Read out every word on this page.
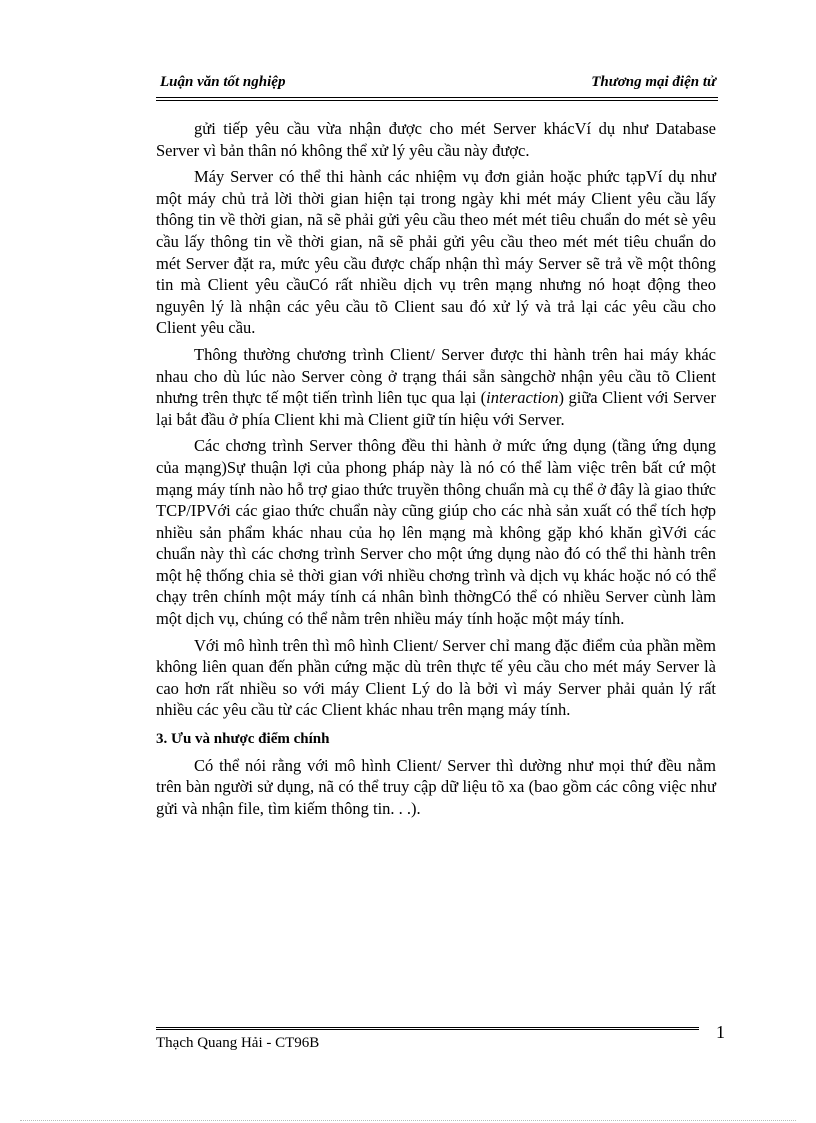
Luận văn tốt nghiệp	Thương mại điện tử

gửi tiếp yêu cầu vừa nhận được cho mét Server khácVí dụ như Database Server vì bản thân nó không thể xử lý yêu cầu này được.

Máy Server có thể thi hành các nhiệm vụ đơn giản hoặc phức tạpVí dụ như một máy chủ trả lời thời gian hiện tại trong ngày khi mét máy Client yêu cầu lấy thông tin về thời gian, nã sẽ phải gửi yêu cầu theo mét mét tiêu chuẩn do mét sè yêu cầu lấy thông tin về thời gian, nã sẽ phải gửi yêu cầu theo mét mét tiêu chuẩn do mét Server đặt ra, mức yêu cầu được chấp nhận thì máy Server sẽ trả về một thông tin mà Client yêu cầuCó rất nhiều dịch vụ trên mạng nhưng nó hoạt động theo nguyên lý là nhận các yêu cầu tõ Client sau đó xử lý và trả lại các yêu cầu cho Client yêu cầu.

Thông thường chương trình Client/ Server được thi hành trên hai máy khác nhau cho dù lúc nào Server còng ở trạng thái sẵn sàngchờ nhận yêu cầu tõ Client nhưng trên thực tế một tiến trình liên tục qua lại (interaction) giữa Client với Server lại bắt đầu ở phía Client khi mà Client giữ tín hiệu với Server.

Các chơng trình Server thông đều thi hành ở mức ứng dụng (tầng ứng dụng của mạng)Sự thuận lợi của phong pháp này là nó có thể làm việc trên bất cứ một mạng máy tính nào hỗ trợ giao thức truyền thông chuẩn mà cụ thể ở đây là giao thức TCP/IPVới các giao thức chuẩn này cũng giúp cho các nhà sản xuất có thể tích hợp nhiều sản phẩm khác nhau của họ lên mạng mà không gặp khó khăn gìVới các chuẩn này thì các chơng trình Server cho một ứng dụng nào đó có thể thi hành trên một hệ thống chia sẻ thời gian với nhiều chơng trình và dịch vụ khác hoặc nó có thể chạy trên chính một máy tính cá nhân bình thờngCó thể có nhiều Server cùnh làm một dịch vụ, chúng có thể nằm trên nhiều máy tính hoặc một máy tính.

Với mô hình trên thì mô hình Client/ Server chỉ mang đặc điểm của phần mềm không liên quan đến phần cứng mặc dù trên thực tế yêu cầu cho mét máy Server là cao hơn rất nhiều so với máy Client Lý do là bởi vì máy Server phải quản lý rất nhiều các yêu cầu từ các Client khác nhau trên mạng máy tính.

3. Ưu và nhược điểm chính

Có thể nói rằng với mô hình Client/ Server thì dường như mọi thứ đều nằm trên bàn người sử dụng, nã có thể truy cập dữ liệu tõ xa (bao gồm các công việc như gửi và nhận file, tìm kiếm thông tin. . .).

1
Thạch Quang Hải - CT96B
